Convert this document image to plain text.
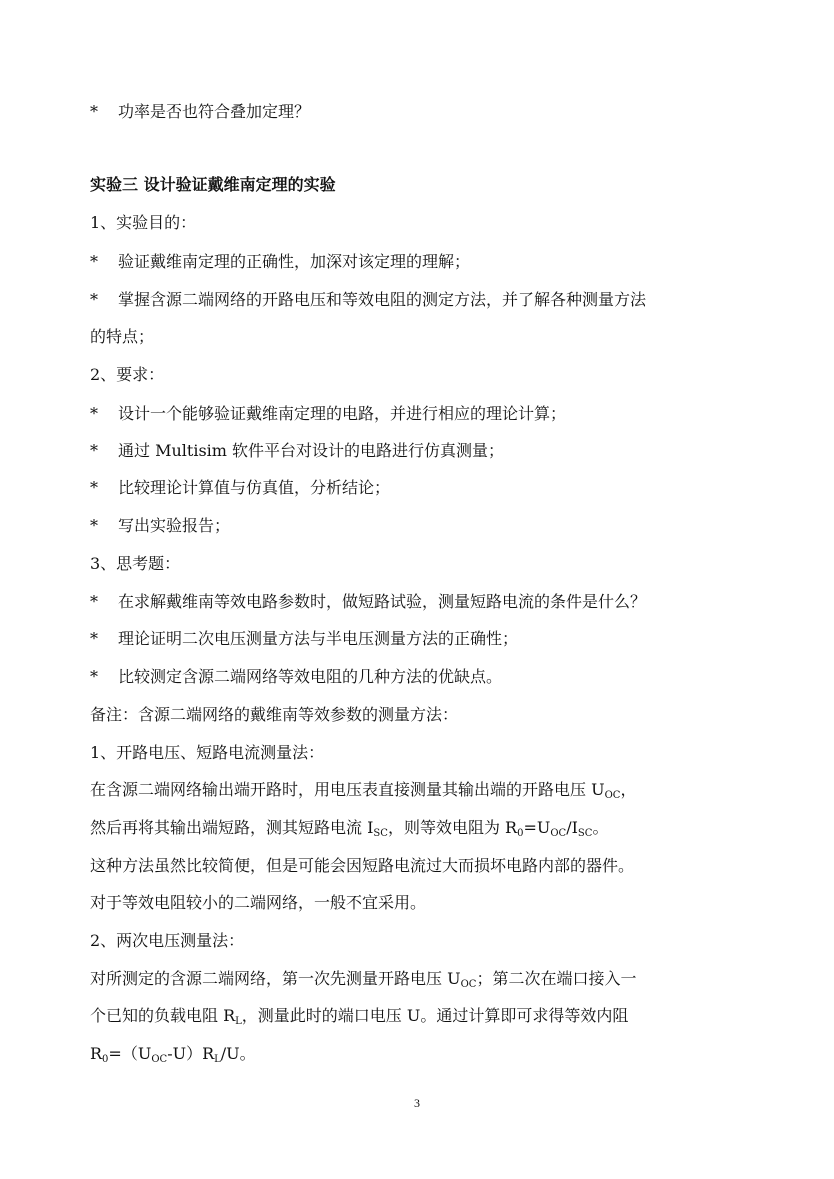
* 功率是否也符合叠加定理？
实验三 设计验证戴维南定理的实验
1、实验目的：
* 验证戴维南定理的正确性，加深对该定理的理解；
* 掌握含源二端网络的开路电压和等效电阻的测定方法，并了解各种测量方法
的特点；
2、要求：
* 设计一个能够验证戴维南定理的电路，并进行相应的理论计算；
* 通过 Multisim 软件平台对设计的电路进行仿真测量；
* 比较理论计算值与仿真值，分析结论；
* 写出实验报告；
3、思考题：
* 在求解戴维南等效电路参数时，做短路试验，测量短路电流的条件是什么？
* 理论证明二次电压测量方法与半电压测量方法的正确性；
* 比较测定含源二端网络等效电阻的几种方法的优缺点。
备注：含源二端网络的戴维南等效参数的测量方法：
1、开路电压、短路电流测量法：
在含源二端网络输出端开路时，用电压表直接测量其输出端的开路电压 $U_{OC}$，
然后再将其输出端短路，测其短路电流 $I_{SC}$，则等效电阻为 $R_0=U_{OC}/I_{SC}$。
这种方法虽然比较简便，但是可能会因短路电流过大而损坏电路内部的器件。
对于等效电阻较小的二端网络，一般不宜采用。
2、两次电压测量法：
对所测定的含源二端网络，第一次先测量开路电压 $U_{OC}$；第二次在端口接入一
个已知的负载电阻 $R_L$，测量此时的端口电压 U。通过计算即可求得等效内阻
$R_0=(U_{OC}-U)R_L/U$。
3
